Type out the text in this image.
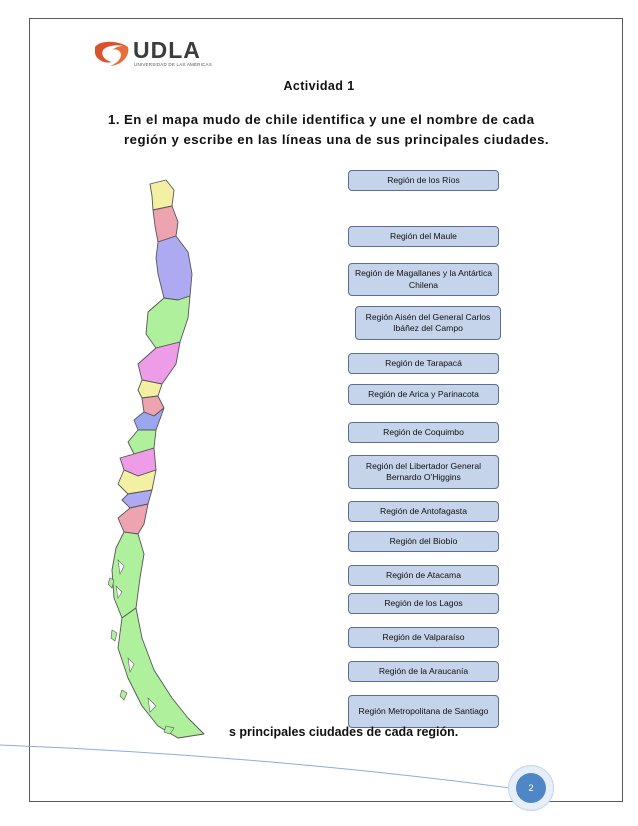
UDLA
UNIVERSIDAD DE LAS AMÉRICAS
Actividad 1
1. En el mapa mudo de chile identifica y une el nombre de cada región y escribe en las líneas una de sus principales ciudades.
Región de los Ríos
Región del Maule
Región de Magallanes y la Antártica Chilena
Región Aisén del General Carlos Ibáñez del Campo
Región de Tarapacá
Región de Arica y Parinacota
Región de Coquimbo
Región del Libertador General Bernardo O'Higgins
Región de Antofagasta
Región del Biobío
Región de Atacama
Región de los Lagos
Región de Valparaíso
Región de la Araucanía
Región Metropolitana de Santiago
s principales ciudades de cada región.
2
